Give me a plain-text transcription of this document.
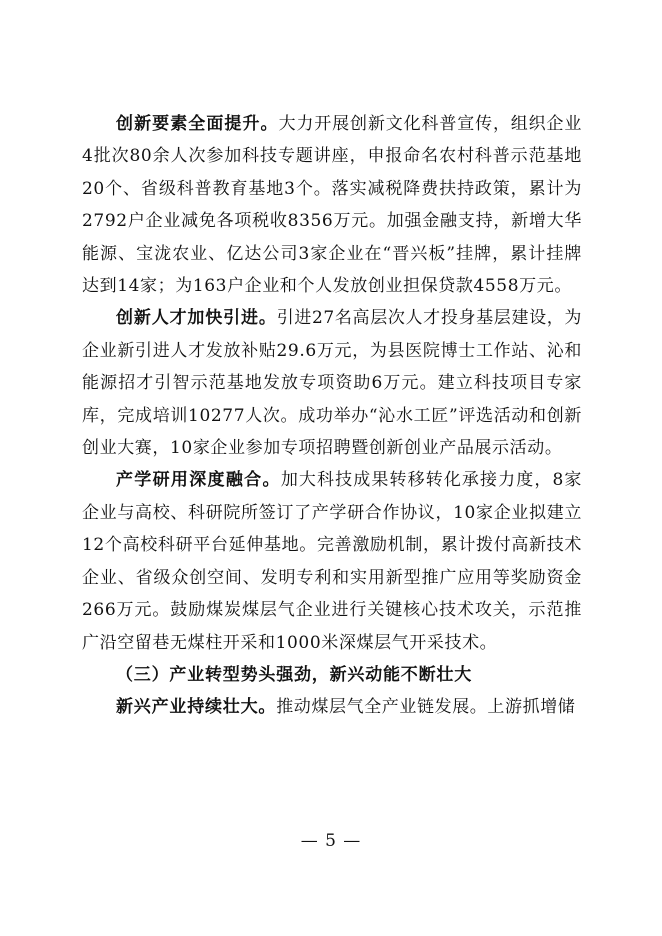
创新要素全面提升。大力开展创新文化科普宣传，组织企业4批次80余人次参加科技专题讲座，申报命名农村科普示范基地20个、省级科普教育基地3个。落实减税降费扶持政策，累计为2792户企业减免各项税收8356万元。加强金融支持，新增大华能源、宝泷农业、亿达公司3家企业在“晋兴板”挂牌，累计挂牌达到14家；为163户企业和个人发放创业担保贷款4558万元。

创新人才加快引进。引进27名高层次人才投身基层建设，为企业新引进人才发放补贴29.6万元，为县医院博士工作站、沁和能源招才引智示范基地发放专项资助6万元。建立科技项目专家库，完成培训10277人次。成功举办“沁水工匠”评选活动和创新创业大赛，10家企业参加专项招聘暨创新创业产品展示活动。

产学研用深度融合。加大科技成果转移转化承接力度，8家企业与高校、科研院所签订了产学研合作协议，10家企业拟建立12个高校科研平台延伸基地。完善激励机制，累计拨付高新技术企业、省级众创空间、发明专利和实用新型推广应用等奖励资金266万元。鼓励煤炭煤层气企业进行关键核心技术攻关，示范推广沿空留巷无煤柱开采和1000米深煤层气开采技术。

（三）产业转型势头强劲，新兴动能不断壮大

新兴产业持续壮大。推动煤层气全产业链发展。上游抓增储

— 5 —
